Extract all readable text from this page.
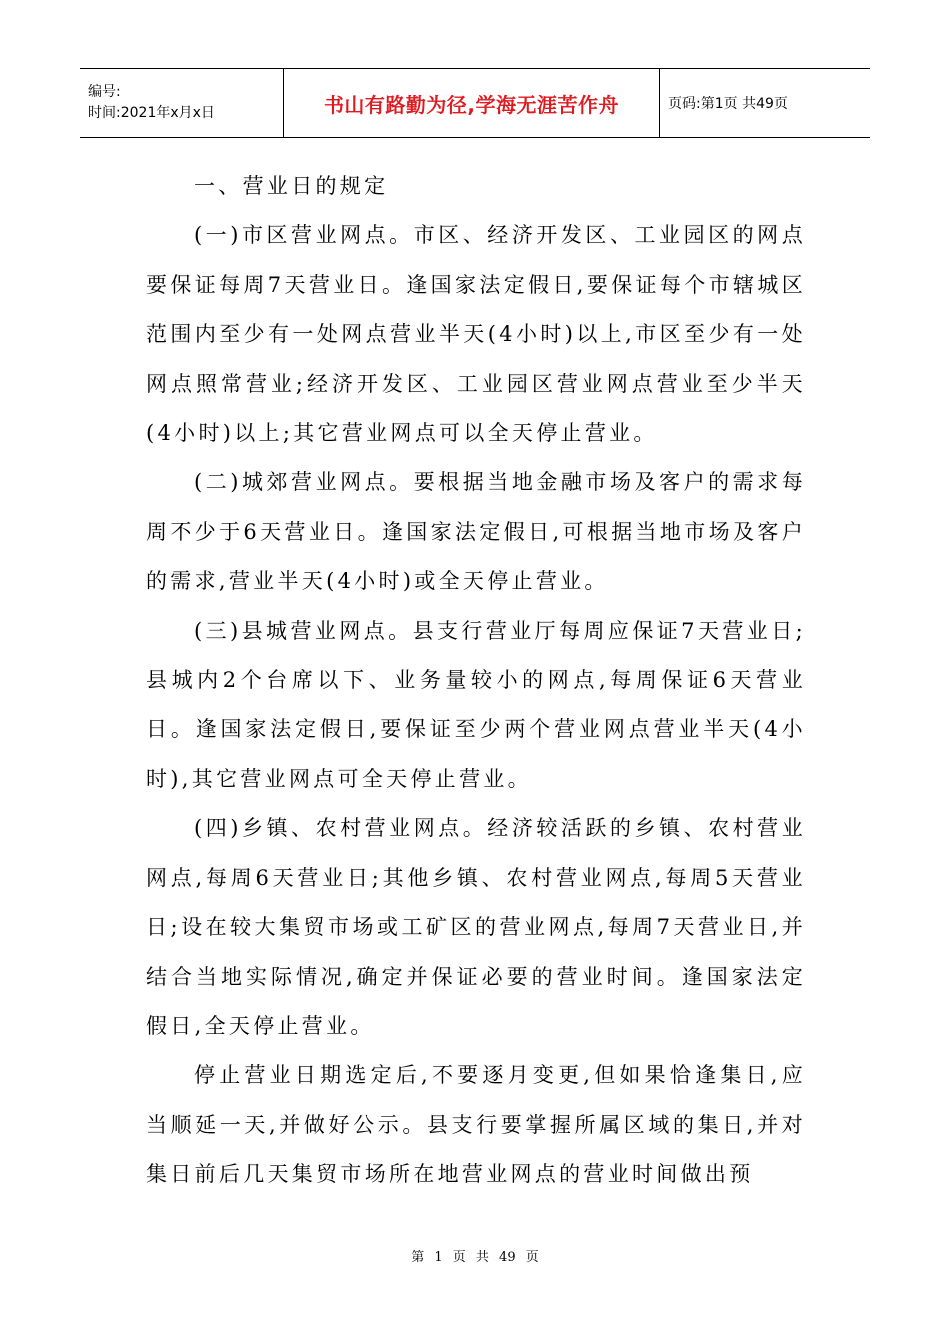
编号:
时间:2021年x月x日	书山有路勤为径,学海无涯苦作舟	页码:第1页 共49页

一、营业日的规定

(一)市区营业网点。市区、经济开发区、工业园区的网点要保证每周7天营业日。逢国家法定假日,要保证每个市辖城区范围内至少有一处网点营业半天(4小时)以上,市区至少有一处网点照常营业;经济开发区、工业园区营业网点营业至少半天(4小时)以上;其它营业网点可以全天停止营业。

(二)城郊营业网点。要根据当地金融市场及客户的需求每周不少于6天营业日。逢国家法定假日,可根据当地市场及客户的需求,营业半天(4小时)或全天停止营业。

(三)县城营业网点。县支行营业厅每周应保证7天营业日;县城内2个台席以下、业务量较小的网点,每周保证6天营业日。逢国家法定假日,要保证至少两个营业网点营业半天(4小时),其它营业网点可全天停止营业。

(四)乡镇、农村营业网点。经济较活跃的乡镇、农村营业网点,每周6天营业日;其他乡镇、农村营业网点,每周5天营业日;设在较大集贸市场或工矿区的营业网点,每周7天营业日,并结合当地实际情况,确定并保证必要的营业时间。逢国家法定假日,全天停止营业。

停止营业日期选定后,不要逐月变更,但如果恰逢集日,应当顺延一天,并做好公示。县支行要掌握所属区域的集日,并对集日前后几天集贸市场所在地营业网点的营业时间做出预

第 1 页 共 49 页
